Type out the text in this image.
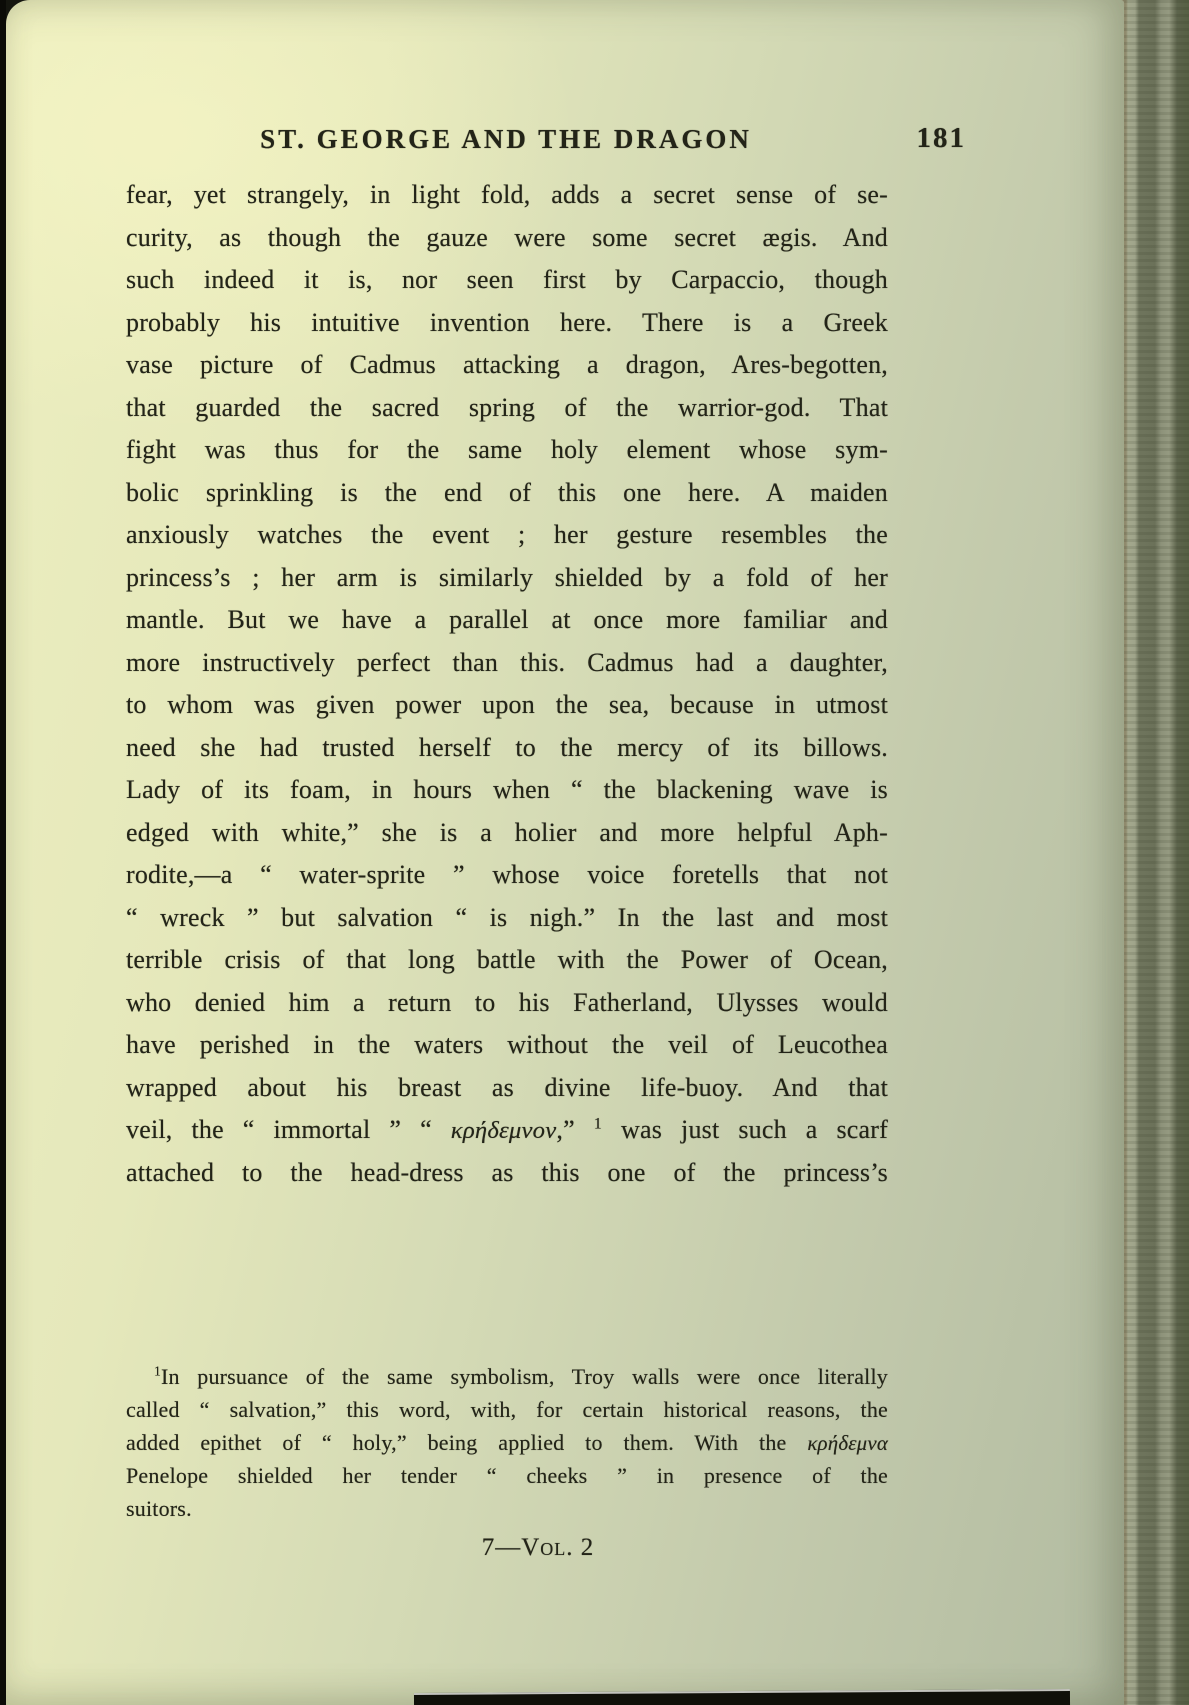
ST. GEORGE AND THE DRAGON	181
fear, yet strangely, in light fold, adds a secret sense of se-
curity, as though the gauze were some secret ægis. And
such indeed it is, nor seen first by Carpaccio, though
probably his intuitive invention here. There is a Greek
vase picture of Cadmus attacking a dragon, Ares-begotten,
that guarded the sacred spring of the warrior-god. That
fight was thus for the same holy element whose sym-
bolic sprinkling is the end of this one here. A maiden
anxiously watches the event ; her gesture resembles the
princess’s ; her arm is similarly shielded by a fold of her
mantle. But we have a parallel at once more familiar and
more instructively perfect than this. Cadmus had a daughter,
to whom was given power upon the sea, because in utmost
need she had trusted herself to the mercy of its billows.
Lady of its foam, in hours when “ the blackening wave is
edged with white,” she is a holier and more helpful Aph-
rodite,—a “ water-sprite ” whose voice foretells that not
“ wreck ” but salvation “ is nigh.” In the last and most
terrible crisis of that long battle with the Power of Ocean,
who denied him a return to his Fatherland, Ulysses would
have perished in the waters without the veil of Leucothea
wrapped about his breast as divine life-buoy. And that
veil, the “ immortal ” “ κρήδεμνον,” $^1$ was just such a scarf
attached to the head-dress as this one of the princess’s
$^1$In pursuance of the same symbolism, Troy walls were once literally
called “ salvation,” this word, with, for certain historical reasons, the
added epithet of “ holy,” being applied to them. With the κρήδεμνα
Penelope shielded her tender “ cheeks ” in presence of the
suitors.
7—Vol. 2
